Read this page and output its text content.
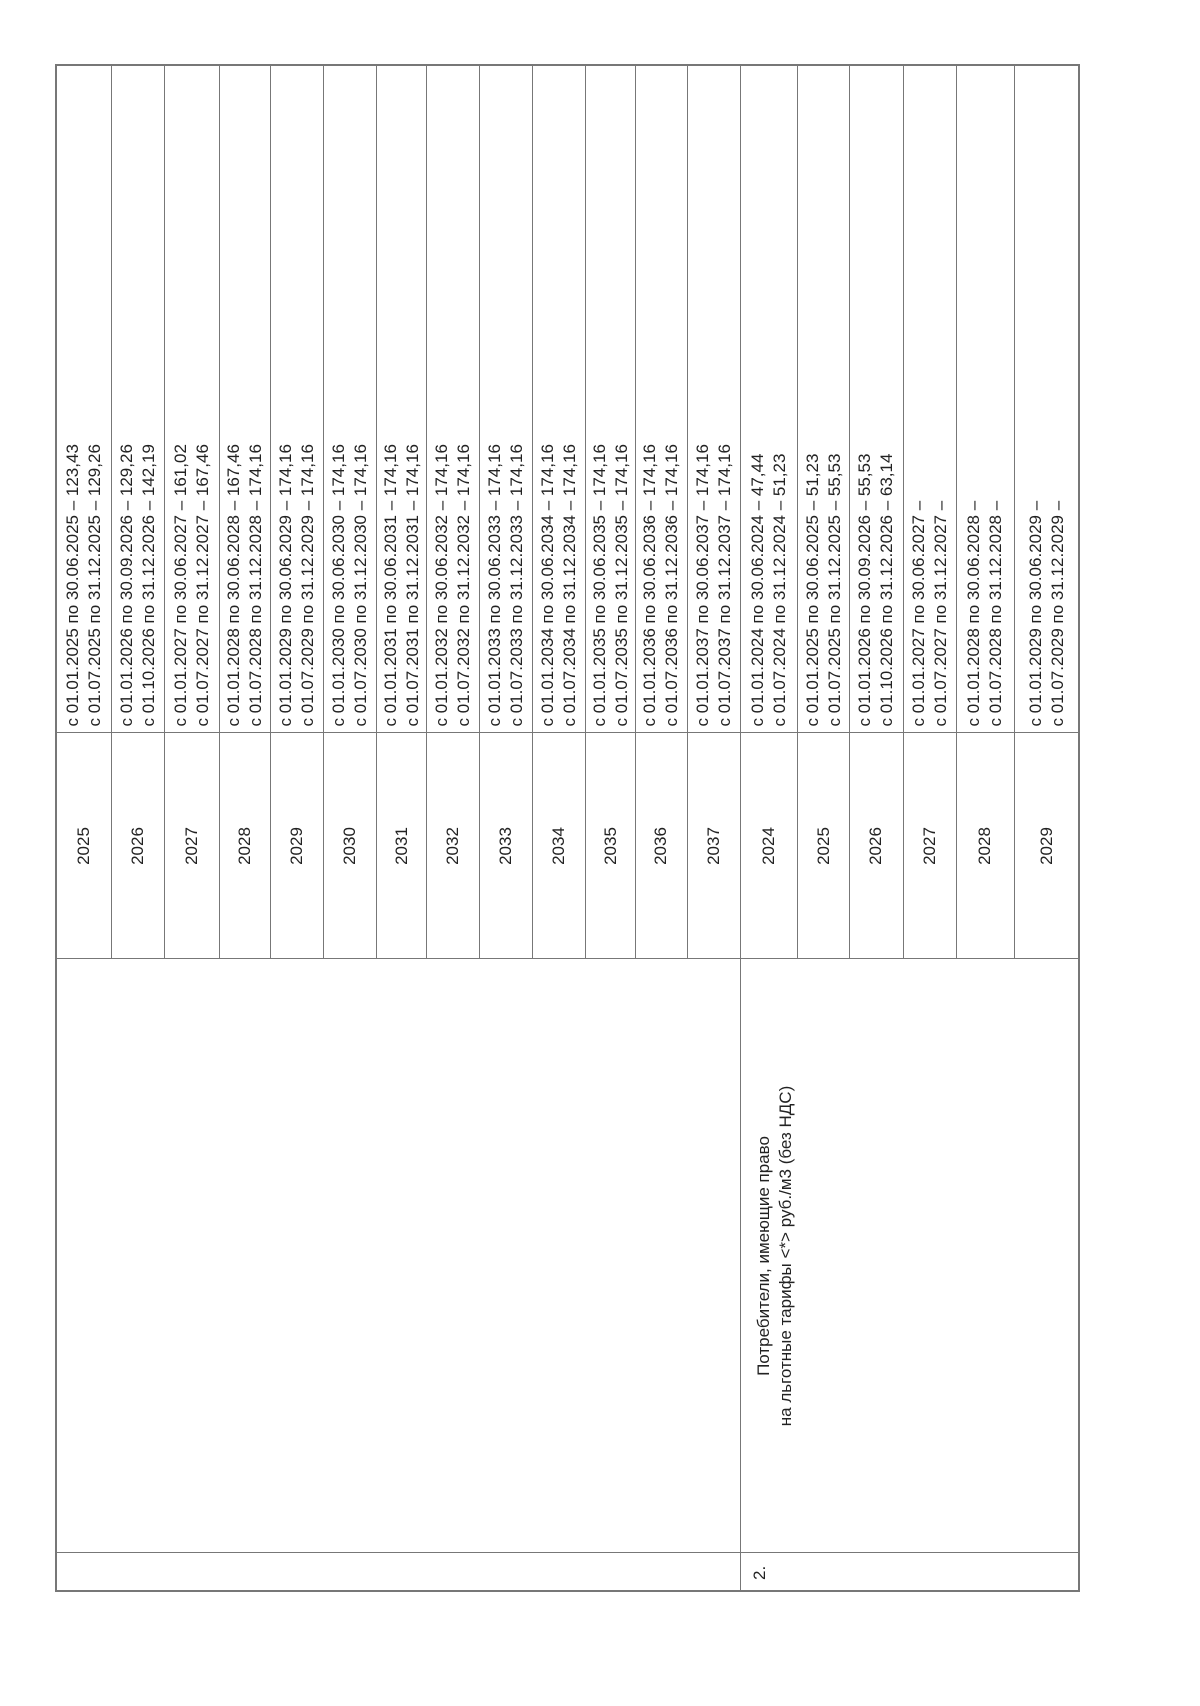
		2025	с 01.01.2025 по 30.06.2025 – 123,43 с 01.07.2025 по 31.12.2025 – 129,26

		2026	с 01.01.2026 по 30.09.2026 – 129,26 с 01.10.2026 по 31.12.2026 – 142,19

		2027	с 01.01.2027 по 30.06.2027 – 161,02 с 01.07.2027 по 31.12.2027 – 167,46

		2028	с 01.01.2028 по 30.06.2028 – 167,46 с 01.07.2028 по 31.12.2028 – 174,16

		2029	с 01.01.2029 по 30.06.2029 – 174,16 с 01.07.2029 по 31.12.2029 – 174,16

		2030	с 01.01.2030 по 30.06.2030 – 174,16 с 01.07.2030 по 31.12.2030 – 174,16

		2031	с 01.01.2031 по 30.06.2031 – 174,16 с 01.07.2031 по 31.12.2031 – 174,16

		2032	с 01.01.2032 по 30.06.2032 – 174,16 с 01.07.2032 по 31.12.2032 – 174,16

		2033	с 01.01.2033 по 30.06.2033 – 174,16 с 01.07.2033 по 31.12.2033 – 174,16

		2034	с 01.01.2034 по 30.06.2034 – 174,16 с 01.07.2034 по 31.12.2034 – 174,16

		2035	с 01.01.2035 по 30.06.2035 – 174,16 с 01.07.2035 по 31.12.2035 – 174,16

		2036	с 01.01.2036 по 30.06.2036 – 174,16 с 01.07.2036 по 31.12.2036 – 174,16

		2037	с 01.01.2037 по 30.06.2037 – 174,16 с 01.07.2037 по 31.12.2037 – 174,16

2.	Потребители, имеющие право на льготные тарифы <*> руб./м3 (без НДС)	2024	с 01.01.2024 по 30.06.2024 – 47,44 с 01.07.2024 по 31.12.2024 – 51,23

		2025	с 01.01.2025 по 30.06.2025 – 51,23 с 01.07.2025 по 31.12.2025 – 55,53

		2026	с 01.01.2026 по 30.09.2026 – 55,53 с 01.10.2026 по 31.12.2026 – 63,14

		2027	с 01.01.2027 по 30.06.2027 – с 01.07.2027 по 31.12.2027 –

		2028	с 01.01.2028 по 30.06.2028 – с 01.07.2028 по 31.12.2028 –

		2029	с 01.01.2029 по 30.06.2029 – с 01.07.2029 по 31.12.2029 –
